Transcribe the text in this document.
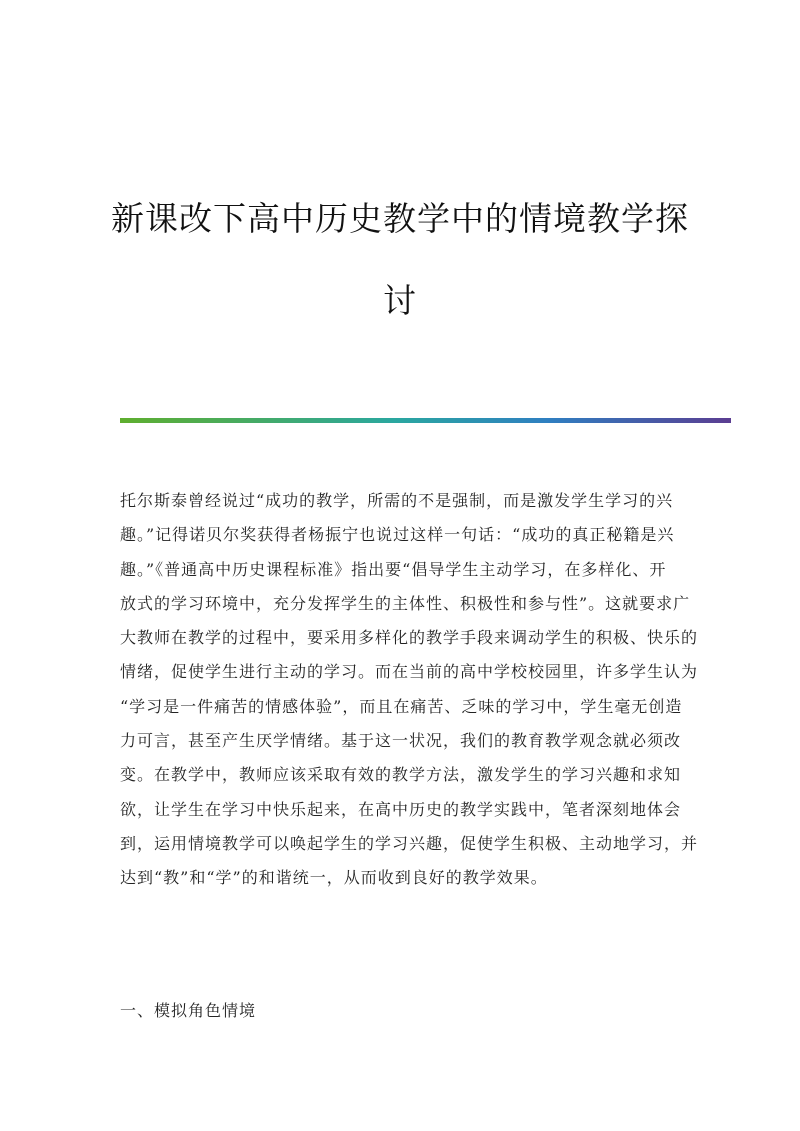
新课改下高中历史教学中的情境教学探
讨
托尔斯泰曾经说过“成功的教学，所需的不是强制，而是激发学生学习的兴
趣。”记得诺贝尔奖获得者杨振宁也说过这样一句话：“成功的真正秘籍是兴
趣。”《普通高中历史课程标准》指出要“倡导学生主动学习，在多样化、开
放式的学习环境中，充分发挥学生的主体性、积极性和参与性”。这就要求广
大教师在教学的过程中，要采用多样化的教学手段来调动学生的积极、快乐的
情绪，促使学生进行主动的学习。而在当前的高中学校校园里，许多学生认为
“学习是一件痛苦的情感体验”，而且在痛苦、乏味的学习中，学生毫无创造
力可言，甚至产生厌学情绪。基于这一状况，我们的教育教学观念就必须改
变。在教学中，教师应该采取有效的教学方法，激发学生的学习兴趣和求知
欲，让学生在学习中快乐起来，在高中历史的教学实践中，笔者深刻地体会
到，运用情境教学可以唤起学生的学习兴趣，促使学生积极、主动地学习，并
达到“教”和“学”的和谐统一，从而收到良好的教学效果。
一、模拟角色情境
